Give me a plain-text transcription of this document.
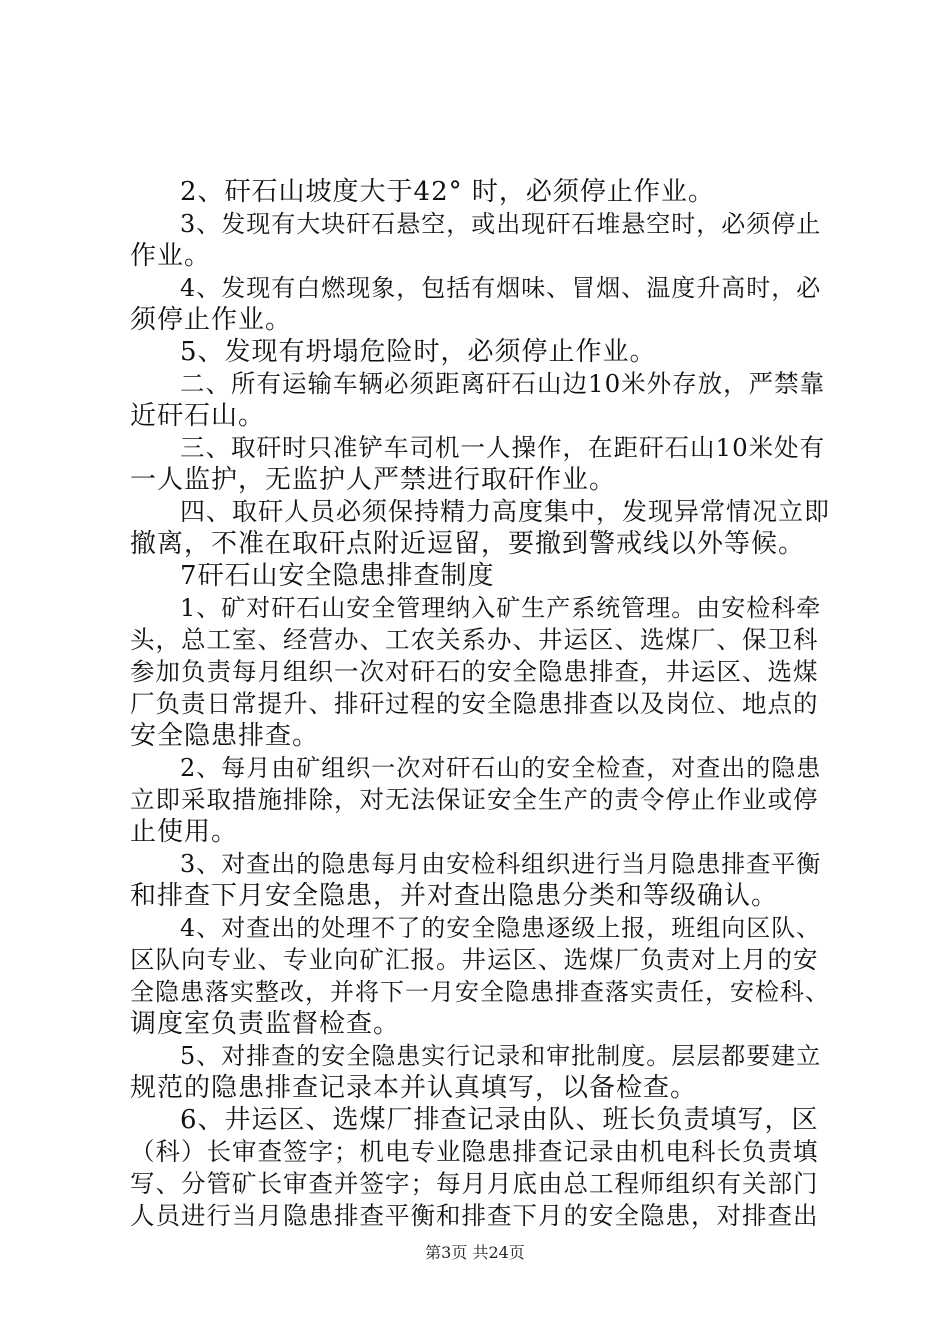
2、矸石山坡度大于42° 时，必须停止作业。
3、发现有大块矸石悬空，或出现矸石堆悬空时，必须停止
作业。
4、发现有白燃现象，包括有烟味、冒烟、温度升高时，必
须停止作业。
5、发现有坍塌危险时，必须停止作业。
二、所有运输车辆必须距离矸石山边10米外存放，严禁靠
近矸石山。
三、取矸时只准铲车司机一人操作，在距矸石山10米处有
一人监护，无监护人严禁进行取矸作业。
四、取矸人员必须保持精力高度集中，发现异常情况立即
撤离，不准在取矸点附近逗留，要撤到警戒线以外等候。
7矸石山安全隐患排查制度
1、矿对矸石山安全管理纳入矿生产系统管理。由安检科牵
头，总工室、经营办、工农关系办、井运区、选煤厂、保卫科
参加负责每月组织一次对矸石的安全隐患排查，井运区、选煤
厂负责日常提升、排矸过程的安全隐患排查以及岗位、地点的
安全隐患排查。
2、每月由矿组织一次对矸石山的安全检查，对查出的隐患
立即采取措施排除，对无法保证安全生产的责令停止作业或停
止使用。
3、对查出的隐患每月由安检科组织进行当月隐患排查平衡
和排查下月安全隐患，并对查出隐患分类和等级确认。
4、对查出的处理不了的安全隐患逐级上报，班组向区队、
区队向专业、专业向矿汇报。井运区、选煤厂负责对上月的安
全隐患落实整改，并将下一月安全隐患排查落实责任，安检科、
调度室负责监督检查。
5、对排查的安全隐患实行记录和审批制度。层层都要建立
规范的隐患排查记录本并认真填写，以备检查。
6、井运区、选煤厂排查记录由队、班长负责填写，区
（科）长审查签字；机电专业隐患排查记录由机电科长负责填
写、分管矿长审查并签字；每月月底由总工程师组织有关部门
人员进行当月隐患排查平衡和排查下月的安全隐患，对排查出
第3页 共24页
